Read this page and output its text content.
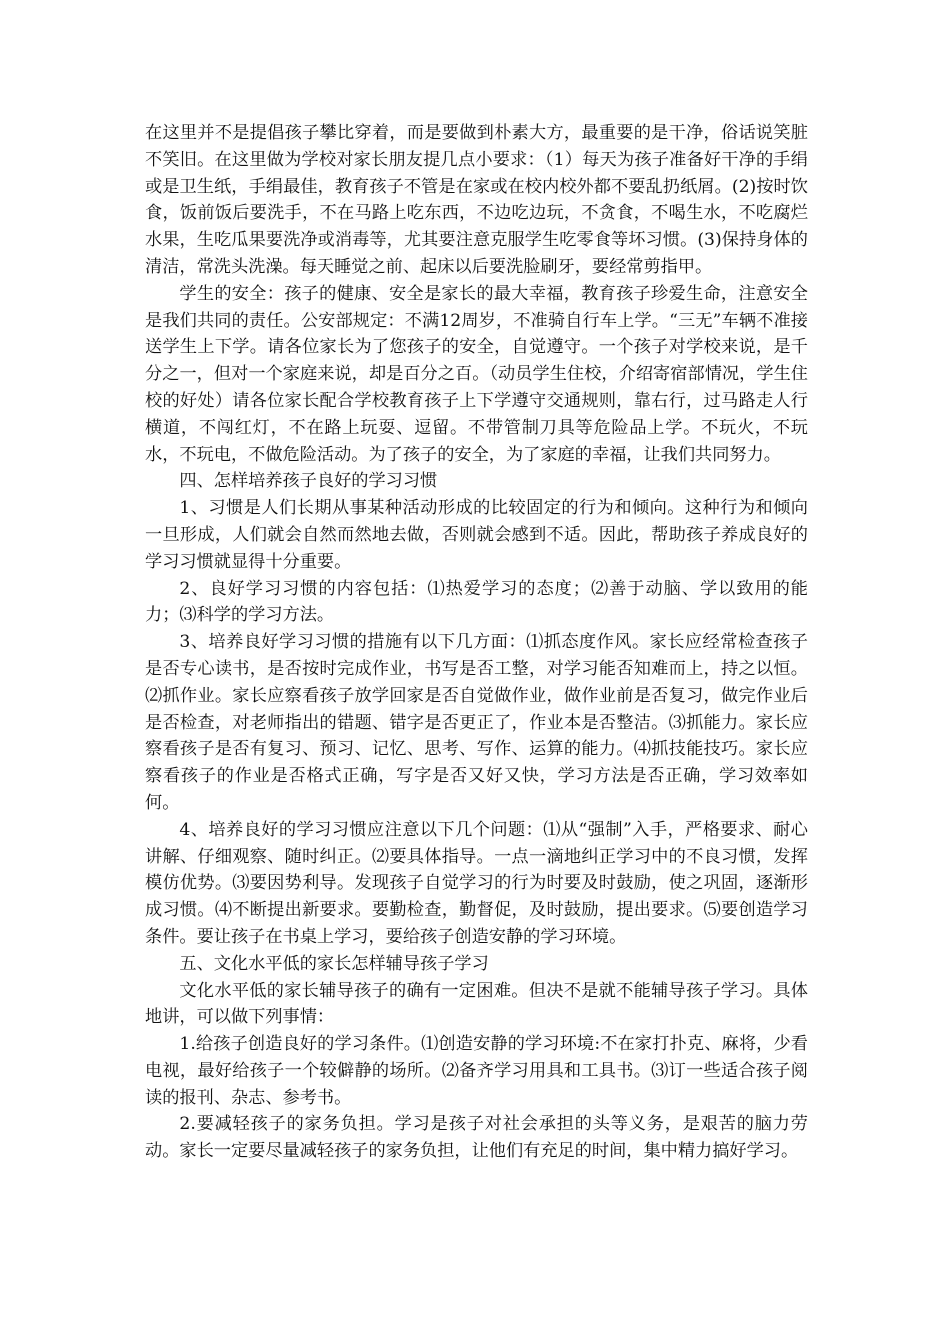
在这里并不是提倡孩子攀比穿着，而是要做到朴素大方，最重要的是干净，俗话说笑脏不笑旧。在这里做为学校对家长朋友提几点小要求：（1）每天为孩子准备好干净的手绢或是卫生纸，手绢最佳，教育孩子不管是在家或在校内校外都不要乱扔纸屑。(2)按时饮食，饭前饭后要洗手，不在马路上吃东西，不边吃边玩，不贪食，不喝生水，不吃腐烂水果，生吃瓜果要洗净或消毒等，尤其要注意克服学生吃零食等坏习惯。(3)保持身体的清洁，常洗头洗澡。每天睡觉之前、起床以后要洗脸刷牙，要经常剪指甲。

学生的安全：孩子的健康、安全是家长的最大幸福，教育孩子珍爱生命，注意安全是我们共同的责任。公安部规定：不满12周岁，不准骑自行车上学。“三无”车辆不准接送学生上下学。请各位家长为了您孩子的安全，自觉遵守。一个孩子对学校来说，是千分之一，但对一个家庭来说，却是百分之百。（动员学生住校，介绍寄宿部情况，学生住校的好处）请各位家长配合学校教育孩子上下学遵守交通规则，靠右行，过马路走人行横道，不闯红灯，不在路上玩耍、逗留。不带管制刀具等危险品上学。不玩火，不玩水，不玩电，不做危险活动。为了孩子的安全，为了家庭的幸福，让我们共同努力。

四、怎样培养孩子良好的学习习惯

1、习惯是人们长期从事某种活动形成的比较固定的行为和倾向。这种行为和倾向一旦形成，人们就会自然而然地去做，否则就会感到不适。因此，帮助孩子养成良好的学习习惯就显得十分重要。

2、良好学习习惯的内容包括：⑴热爱学习的态度；⑵善于动脑、学以致用的能力；⑶科学的学习方法。

3、培养良好学习习惯的措施有以下几方面：⑴抓态度作风。家长应经常检查孩子是否专心读书，是否按时完成作业，书写是否工整，对学习能否知难而上，持之以恒。⑵抓作业。家长应察看孩子放学回家是否自觉做作业，做作业前是否复习，做完作业后是否检查，对老师指出的错题、错字是否更正了，作业本是否整洁。⑶抓能力。家长应察看孩子是否有复习、预习、记忆、思考、写作、运算的能力。⑷抓技能技巧。家长应察看孩子的作业是否格式正确，写字是否又好又快，学习方法是否正确，学习效率如何。

4、培养良好的学习习惯应注意以下几个问题：⑴从“强制”入手，严格要求、耐心讲解、仔细观察、随时纠正。⑵要具体指导。一点一滴地纠正学习中的不良习惯，发挥模仿优势。⑶要因势利导。发现孩子自觉学习的行为时要及时鼓励，使之巩固，逐渐形成习惯。⑷不断提出新要求。要勤检查，勤督促，及时鼓励，提出要求。⑸要创造学习条件。要让孩子在书桌上学习，要给孩子创造安静的学习环境。

五、文化水平低的家长怎样辅导孩子学习

文化水平低的家长辅导孩子的确有一定困难。但决不是就不能辅导孩子学习。具体地讲，可以做下列事情：

1.给孩子创造良好的学习条件。⑴创造安静的学习环境:不在家打扑克、麻将，少看电视，最好给孩子一个较僻静的场所。⑵备齐学习用具和工具书。⑶订一些适合孩子阅读的报刊、杂志、参考书。

2.要减轻孩子的家务负担。学习是孩子对社会承担的头等义务，是艰苦的脑力劳动。家长一定要尽量减轻孩子的家务负担，让他们有充足的时间，集中精力搞好学习。
